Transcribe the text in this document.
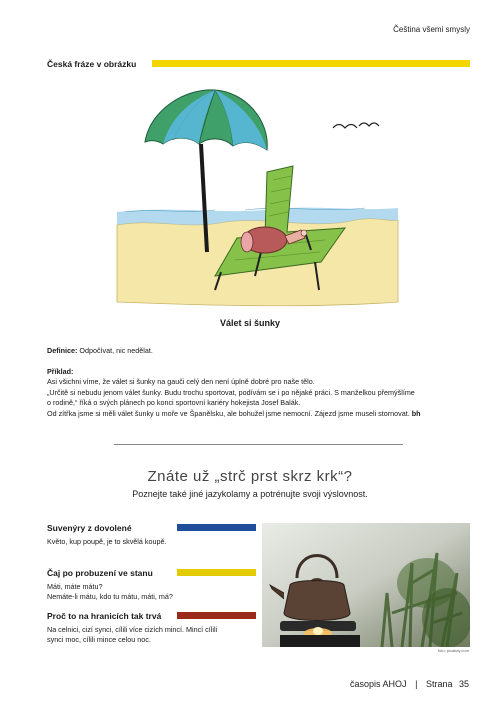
Čeština všemi smysly
Česká fráze v obrázku
Válet si šunky
Definice: Odpočívat, nic nedělat.
Příklad:
Asi všichni víme, že válet si šunky na gauči celý den není úplně dobré pro naše tělo.
„Určitě si nebudu jenom válet šunky. Budu trochu sportovat, podívám se i po nějaké práci. S manželkou přemýšlíme
o rodině,“ říká o svých plánech po konci sportovní kariéry hokejista Josef Balák.
Od zítřka jsme si měli válet šunky u moře ve Španělsku, ale bohužel jsme nemocní. Zájezd jsme museli stornovat. bh
Znáte už „strč prst skrz krk“?
Poznejte také jiné jazykolamy a potrénujte svoji výslovnost.
Suvenýry z dovolené
Květo, kup poupě, je to skvělá koupě.
Čaj po probuzení ve stanu
Máti, máte mátu?
Nemáte-li mátu, kdo tu mátu, máti, má?
Proč to na hranicích tak trvá
Na celnici, cizí synci, cílili více cizích mincí. Mincí cílili
synci moc, cílili mince celou noc.
foto: pixabay.com
časopis AHOJ | Strana 35
